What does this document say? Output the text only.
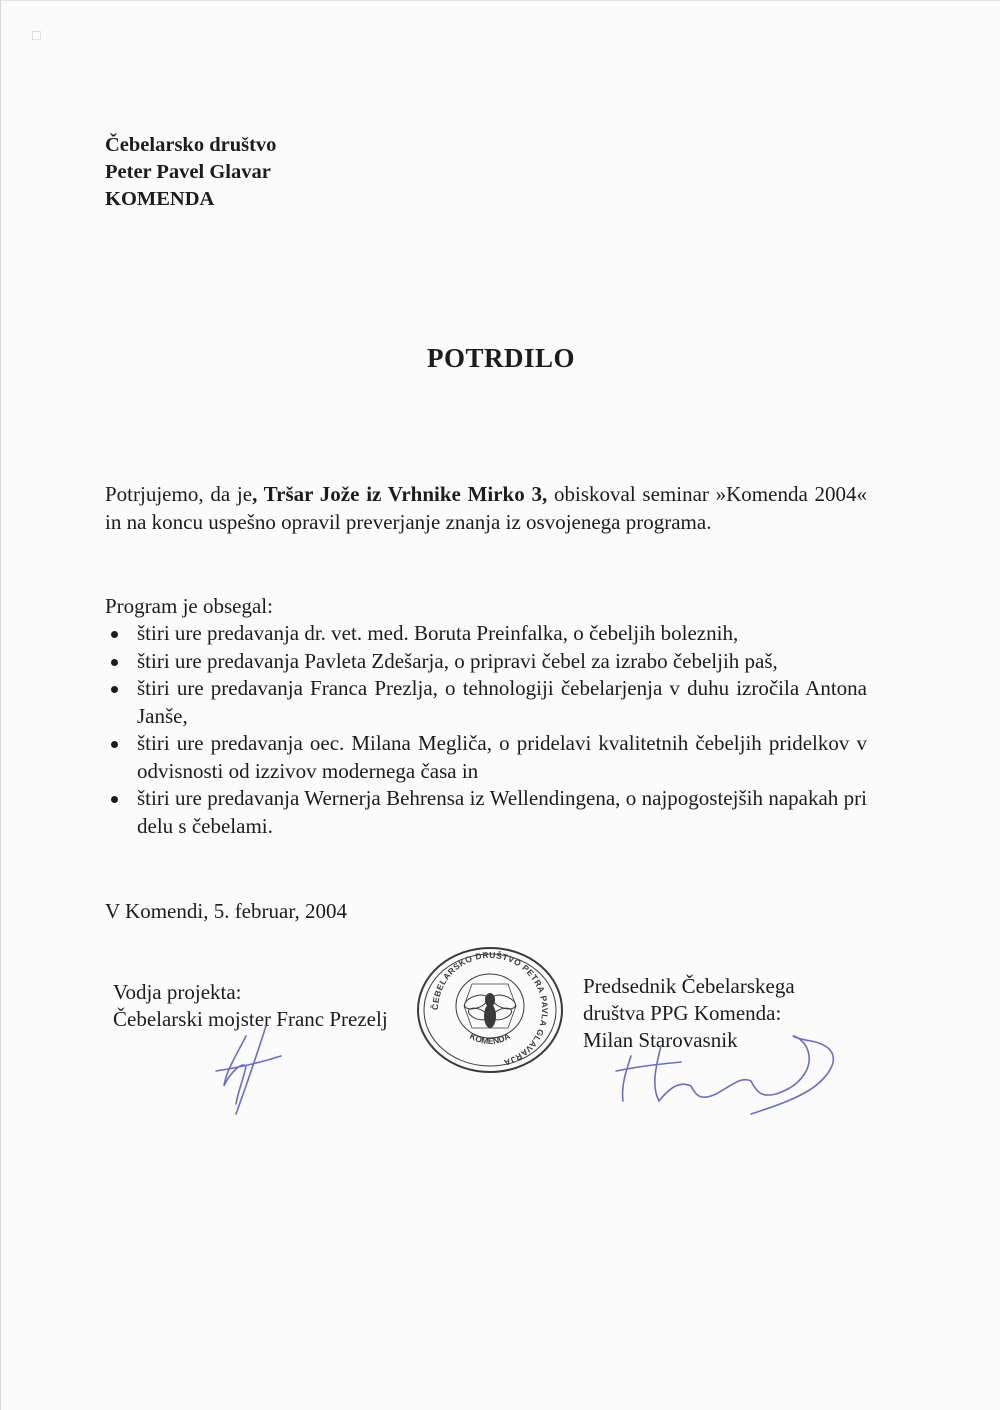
☐
Čebelarsko društvo
Peter Pavel Glavar
KOMENDA
POTRDILO
Potrjujemo, da je, Tršar Jože iz Vrhnike Mirko 3, obiskoval seminar »Komenda 2004« in na koncu uspešno opravil preverjanje znanja iz osvojenega programa.
Program je obsegal:
štiri ure predavanja dr. vet. med. Boruta Preinfalka, o čebeljih boleznih,
štiri ure predavanja Pavleta Zdešarja, o pripravi čebel za izrabo čebeljih paš,
štiri ure predavanja Franca Prezlja, o tehnologiji čebelarjenja v duhu izročila Antona Janše,
štiri ure predavanja oec. Milana Megliča, o pridelavi kvalitetnih čebeljih pridelkov v odvisnosti od izzivov modernega časa in
štiri ure predavanja Wernerja Behrensa iz Wellendingena, o najpogostejših napakah pri delu s čebelami.
V Komendi, 5. februar, 2004
Vodja projekta:
Čebelarski mojster Franc Prezelj
ČEBELARSKO DRUŠTVO PETRA PAVLA GLAVARJA
KOMENDA
Predsednik Čebelarskega
društva PPG Komenda:
Milan Starovasnik
